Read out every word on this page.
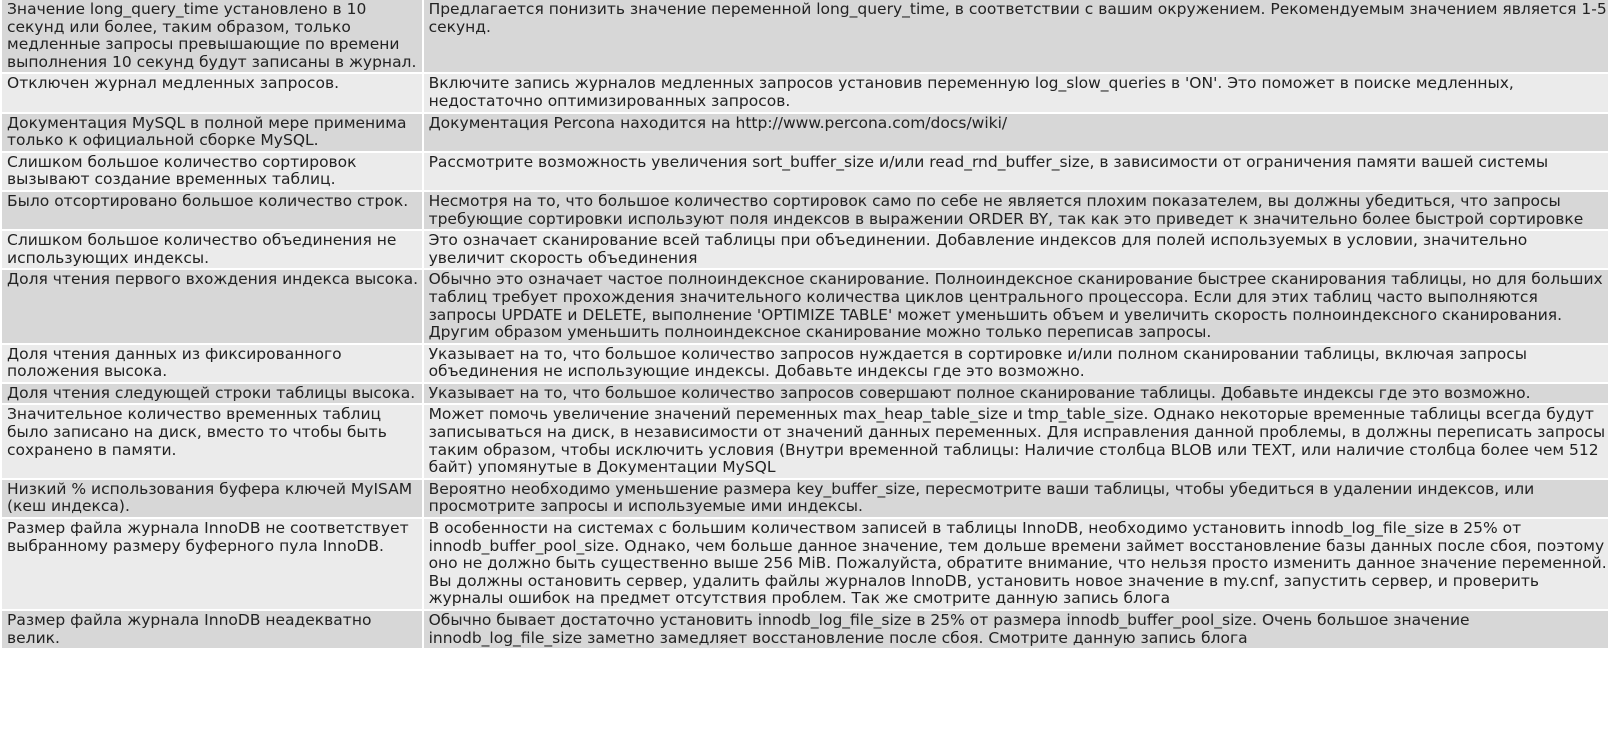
Значение long_query_time установлено в 10 секунд или более, таким образом, только медленные запросы превышающие по времени выполнения 10 секунд будут записаны в журнал.	Предлагается понизить значение переменной long_query_time, в соответствии с вашим окружением. Рекомендуемым значением является 1-5 секунд.
Отключен журнал медленных запросов.	Включите запись журналов медленных запросов установив переменную log_slow_queries в 'ON'. Это поможет в поиске медленных, недостаточно оптимизированных запросов.
Документация MySQL в полной мере применима только к официальной сборке MySQL.	Документация Percona находится на http://www.percona.com/docs/wiki/
Слишком большое количество сортировок вызывают создание временных таблиц.	Рассмотрите возможность увеличения sort_buffer_size и/или read_rnd_buffer_size, в зависимости от ограничения памяти вашей системы
Было отсортировано большое количество строк.	Несмотря на то, что большое количество сортировок само по себе не является плохим показателем, вы должны убедиться, что запросы требующие сортировки используют поля индексов в выражении ORDER BY, так как это приведет к значительно более быстрой сортировке
Слишком большое количество объединения не использующих индексы.	Это означает сканирование всей таблицы при объединении. Добавление индексов для полей используемых в условии, значительно увеличит скорость объединения
Доля чтения первого вхождения индекса высока.	Обычно это означает частое полноиндексное сканирование. Полноиндексное сканирование быстрее сканирования таблицы, но для больших таблиц требует прохождения значительного количества циклов центрального процессора. Если для этих таблиц часто выполняются запросы UPDATE и DELETE, выполнение 'OPTIMIZE TABLE' может уменьшить объем и увеличить скорость полноиндексного сканирования. Другим образом уменьшить полноиндексное сканирование можно только переписав запросы.
Доля чтения данных из фиксированного положения высока.	Указывает на то, что большое количество запросов нуждается в сортировке и/или полном сканировании таблицы, включая запросы объединения не использующие индексы. Добавьте индексы где это возможно.
Доля чтения следующей строки таблицы высока.	Указывает на то, что большое количество запросов совершают полное сканирование таблицы. Добавьте индексы где это возможно.
Значительное количество временных таблиц было записано на диск, вместо то чтобы быть сохранено в памяти.	Может помочь увеличение значений переменных max_heap_table_size и tmp_table_size. Однако некоторые временные таблицы всегда будут записываться на диск, в независимости от значений данных переменных. Для исправления данной проблемы, в должны переписать запросы таким образом, чтобы исключить условия (Внутри временной таблицы: Наличие столбца BLOB или TEXT, или наличие столбца более чем 512 байт) упомянутые в Документации MySQL
Низкий % использования буфера ключей MyISAM (кеш индекса).	Вероятно необходимо уменьшение размера key_buffer_size, пересмотрите ваши таблицы, чтобы убедиться в удалении индексов, или просмотрите запросы и используемые ими индексы.
Размер файла журнала InnoDB не соответствует выбранному размеру буферного пула InnoDB.	В особенности на системах с большим количеством записей в таблицы InnoDB, необходимо установить innodb_log_file_size в 25% от innodb_buffer_pool_size. Однако, чем больше данное значение, тем дольше времени займет восстановление базы данных после сбоя, поэтому оно не должно быть существенно выше 256 MiB. Пожалуйста, обратите внимание, что нельзя просто изменить данное значение переменной. Вы должны остановить сервер, удалить файлы журналов InnoDB, установить новое значение в my.cnf, запустить сервер, и проверить журналы ошибок на предмет отсутствия проблем. Так же смотрите данную запись блога
Размер файла журнала InnoDB неадекватно велик.	Обычно бывает достаточно установить innodb_log_file_size в 25% от размера innodb_buffer_pool_size. Очень большое значение innodb_log_file_size заметно замедляет восстановление после сбоя. Смотрите данную запись блога
